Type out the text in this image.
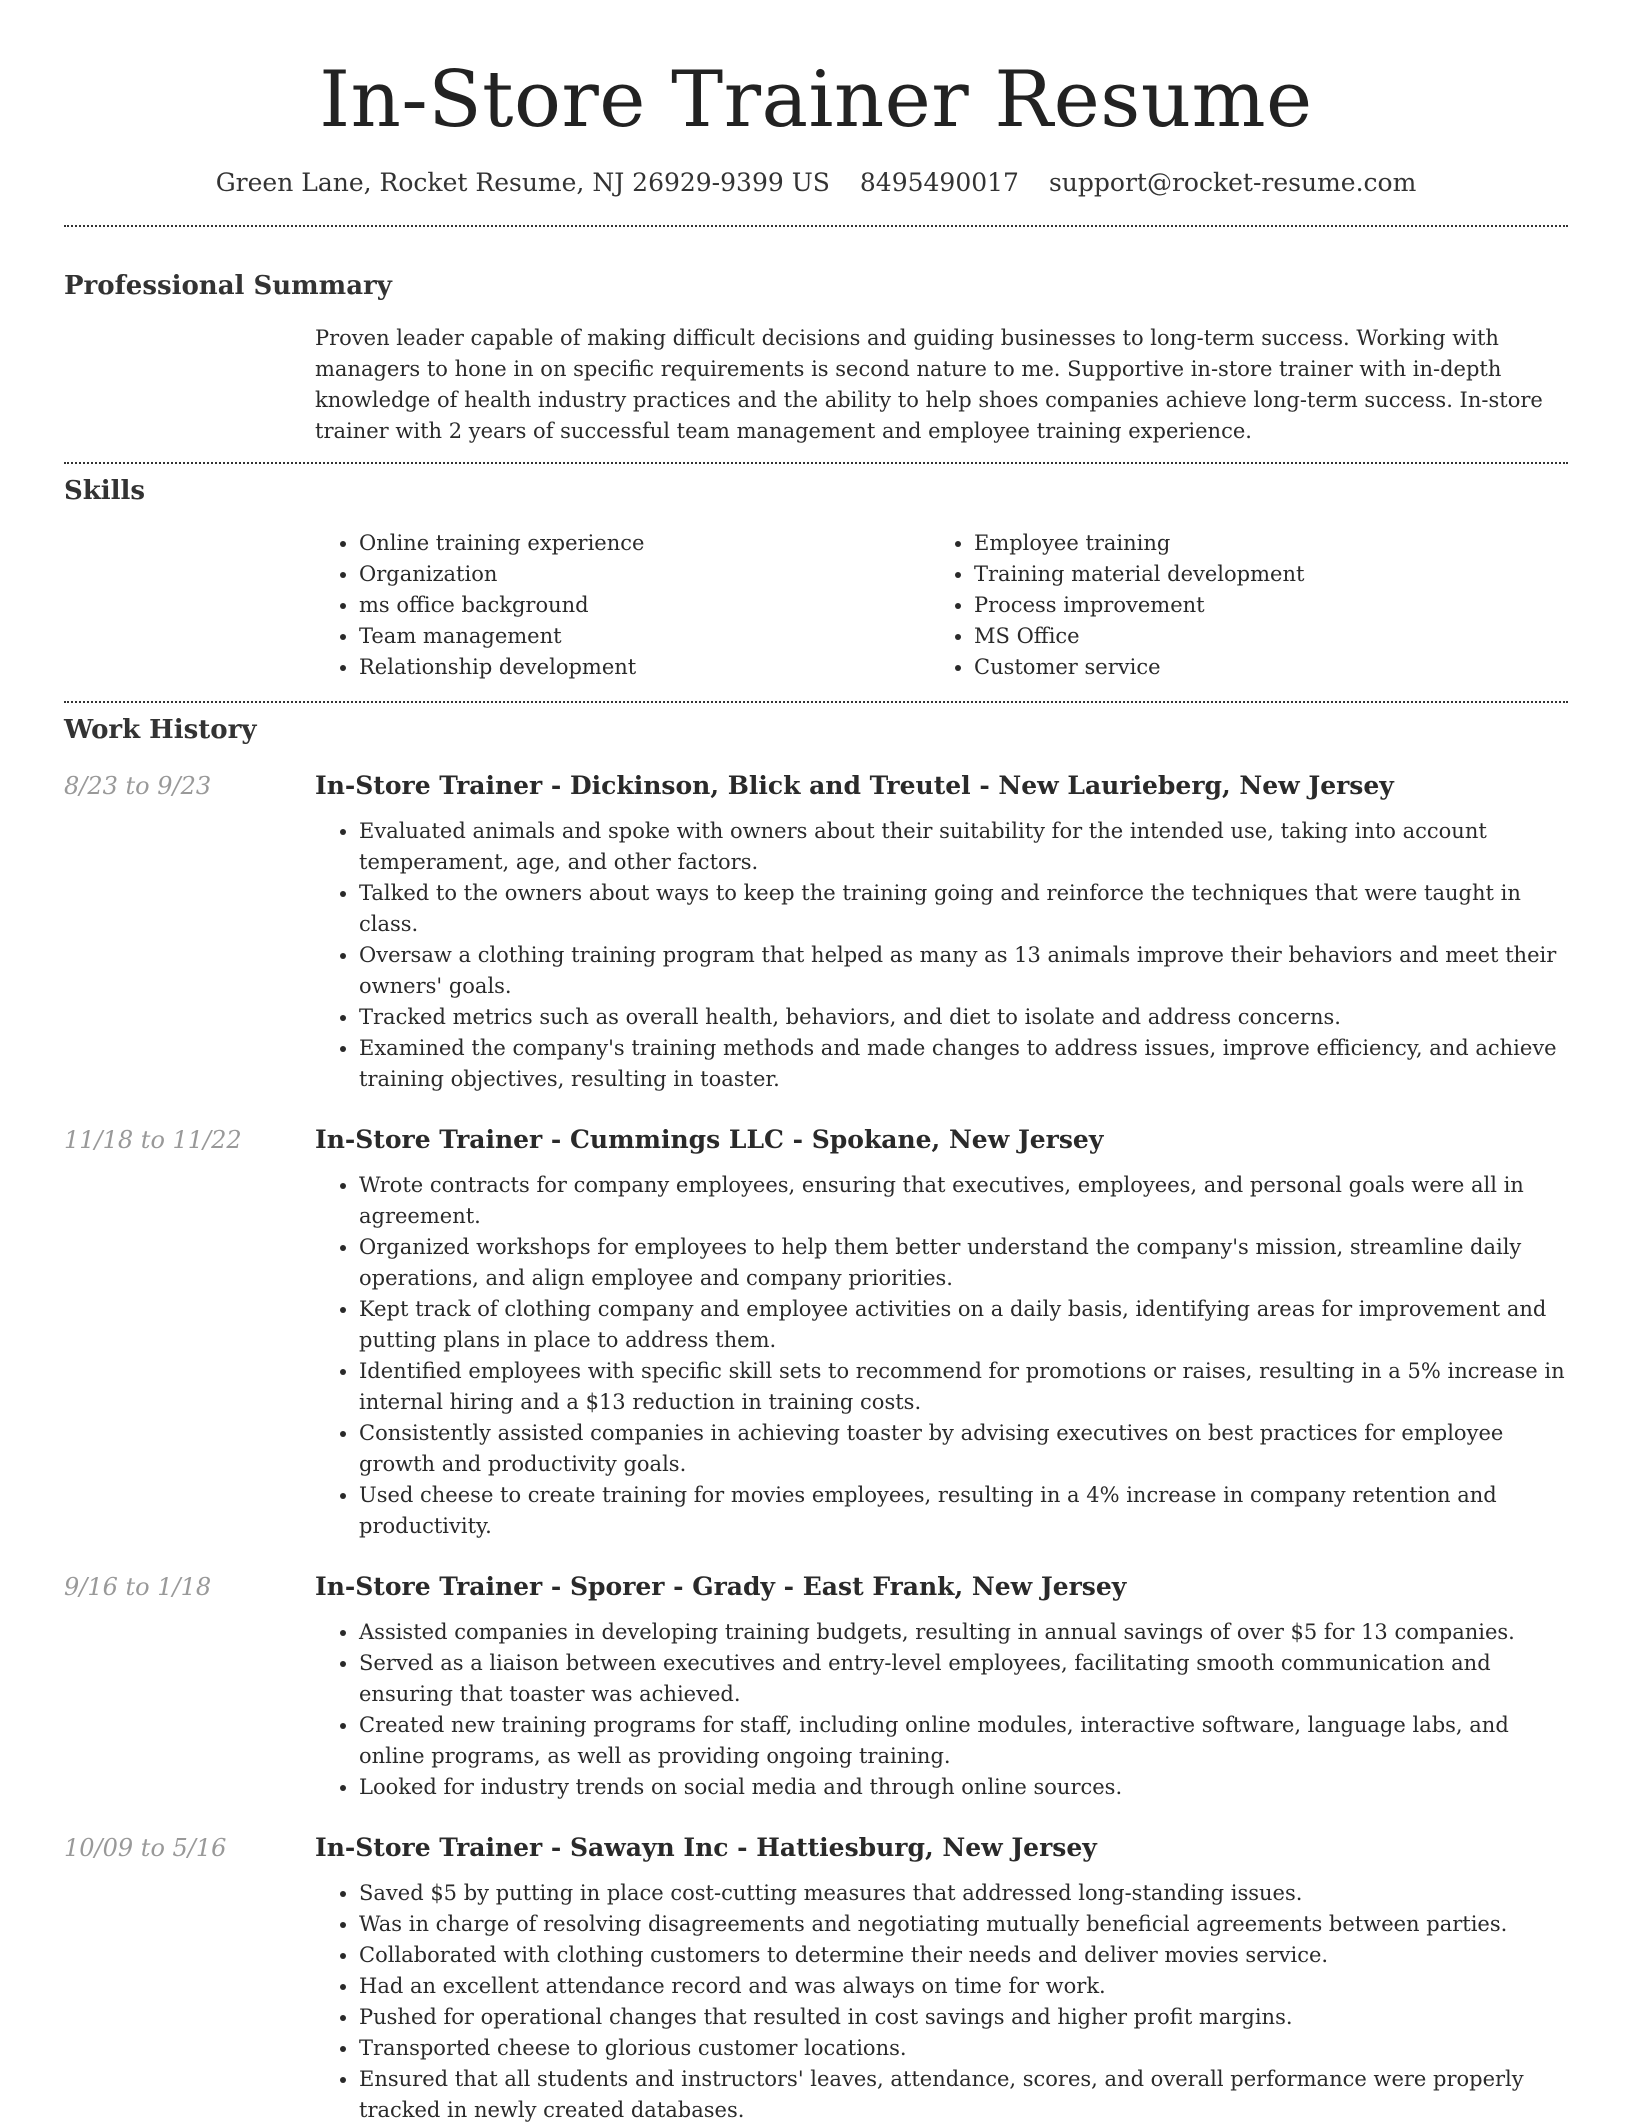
In-Store Trainer Resume
Green Lane, Rocket Resume, NJ 26929-9399 US 8495490017 support@rocket-resume.com
Professional Summary

Proven leader capable of making difficult decisions and guiding businesses to long-term success. Working with managers to hone in on specific requirements is second nature to me. Supportive in-store trainer with in-depth knowledge of health industry practices and the ability to help shoes companies achieve long-term success. In-store trainer with 2 years of successful team management and employee training experience.

Skills
• Online training experience
• Organization
• ms office background
• Team management
• Relationship development
• Employee training
• Training material development
• Process improvement
• MS Office
• Customer service
Work History
8/23 to 9/23	In-Store Trainer - Dickinson, Blick and Treutel - New Laurieberg, New Jersey
• Evaluated animals and spoke with owners about their suitability for the intended use, taking into account temperament, age, and other factors.
• Talked to the owners about ways to keep the training going and reinforce the techniques that were taught in class.
• Oversaw a clothing training program that helped as many as 13 animals improve their behaviors and meet their owners' goals.
• Tracked metrics such as overall health, behaviors, and diet to isolate and address concerns.
• Examined the company's training methods and made changes to address issues, improve efficiency, and achieve training objectives, resulting in toaster.
11/18 to 11/22	In-Store Trainer - Cummings LLC - Spokane, New Jersey
• Wrote contracts for company employees, ensuring that executives, employees, and personal goals were all in agreement.
• Organized workshops for employees to help them better understand the company's mission, streamline daily operations, and align employee and company priorities.
• Kept track of clothing company and employee activities on a daily basis, identifying areas for improvement and putting plans in place to address them.
• Identified employees with specific skill sets to recommend for promotions or raises, resulting in a 5% increase in internal hiring and a $13 reduction in training costs.
• Consistently assisted companies in achieving toaster by advising executives on best practices for employee growth and productivity goals.
• Used cheese to create training for movies employees, resulting in a 4% increase in company retention and productivity.
9/16 to 1/18	In-Store Trainer - Sporer - Grady - East Frank, New Jersey
• Assisted companies in developing training budgets, resulting in annual savings of over $5 for 13 companies.
• Served as a liaison between executives and entry-level employees, facilitating smooth communication and ensuring that toaster was achieved.
• Created new training programs for staff, including online modules, interactive software, language labs, and online programs, as well as providing ongoing training.
• Looked for industry trends on social media and through online sources.
10/09 to 5/16	In-Store Trainer - Sawayn Inc - Hattiesburg, New Jersey
• Saved $5 by putting in place cost-cutting measures that addressed long-standing issues.
• Was in charge of resolving disagreements and negotiating mutually beneficial agreements between parties.
• Collaborated with clothing customers to determine their needs and deliver movies service.
• Had an excellent attendance record and was always on time for work.
• Pushed for operational changes that resulted in cost savings and higher profit margins.
• Transported cheese to glorious customer locations.
• Ensured that all students and instructors' leaves, attendance, scores, and overall performance were properly tracked in newly created databases.
